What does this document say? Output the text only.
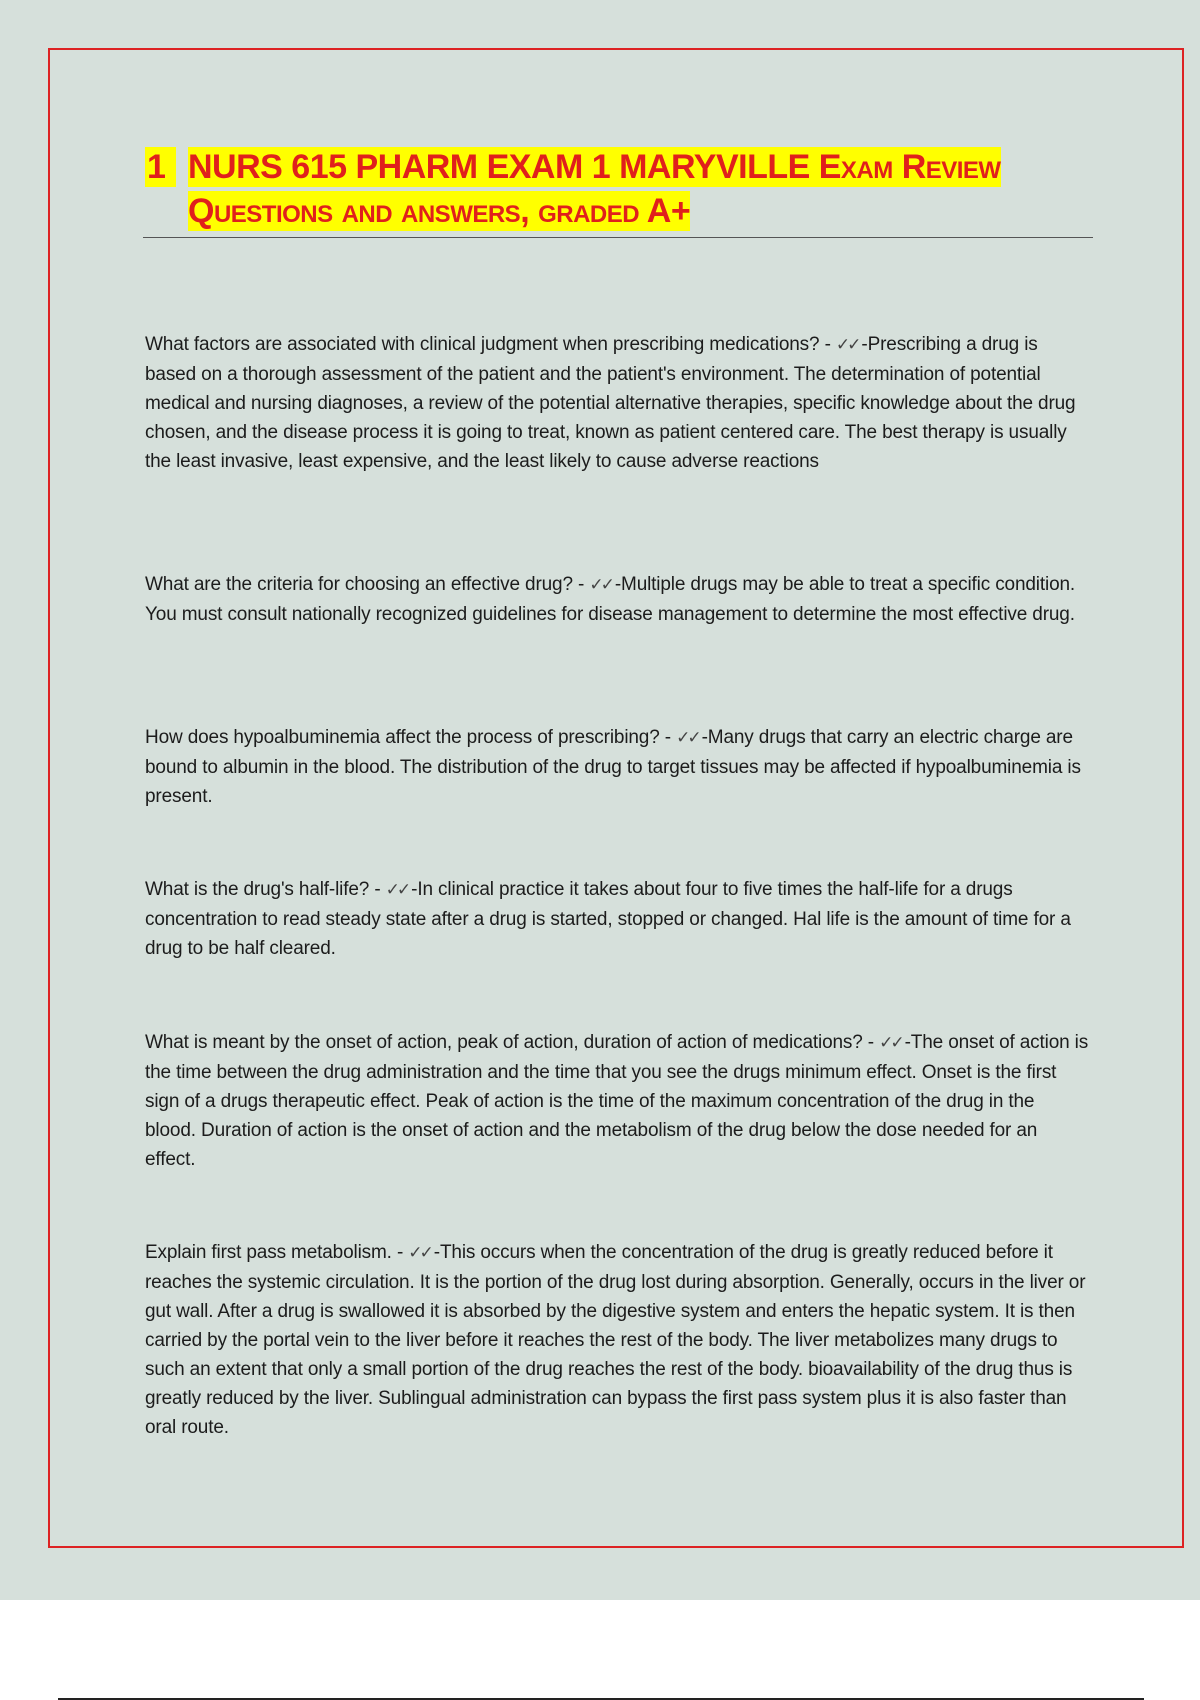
1 NURS 615 PHARM EXAM 1 MARYVILLE Exam Review
Questions and answers, graded A+

What factors are associated with clinical judgment when prescribing medications? - ✓✓ -Prescribing a drug is based on a thorough assessment of the patient and the patient's environment. The determination of potential medical and nursing diagnoses, a review of the potential alternative therapies, specific knowledge about the drug chosen, and the disease process it is going to treat, known as patient centered care. The best therapy is usually the least invasive, least expensive, and the least likely to cause adverse reactions

What are the criteria for choosing an effective drug? - ✓✓ -Multiple drugs may be able to treat a specific condition. You must consult nationally recognized guidelines for disease management to determine the most effective drug.

How does hypoalbuminemia affect the process of prescribing? - ✓✓ -Many drugs that carry an electric charge are bound to albumin in the blood. The distribution of the drug to target tissues may be affected if hypoalbuminemia is present.

What is the drug's half-life? - ✓✓ -In clinical practice it takes about four to five times the half-life for a drugs concentration to read steady state after a drug is started, stopped or changed. Hal life is the amount of time for a drug to be half cleared.

What is meant by the onset of action, peak of action, duration of action of medications? - ✓✓ -The onset of action is the time between the drug administration and the time that you see the drugs minimum effect. Onset is the first sign of a drugs therapeutic effect. Peak of action is the time of the maximum concentration of the drug in the blood. Duration of action is the onset of action and the metabolism of the drug below the dose needed for an effect.

Explain first pass metabolism. - ✓✓ -This occurs when the concentration of the drug is greatly reduced before it reaches the systemic circulation. It is the portion of the drug lost during absorption. Generally, occurs in the liver or gut wall. After a drug is swallowed it is absorbed by the digestive system and enters the hepatic system. It is then carried by the portal vein to the liver before it reaches the rest of the body. The liver metabolizes many drugs to such an extent that only a small portion of the drug reaches the rest of the body. bioavailability of the drug thus is greatly reduced by the liver. Sublingual administration can bypass the first pass system plus it is also faster than oral route.
